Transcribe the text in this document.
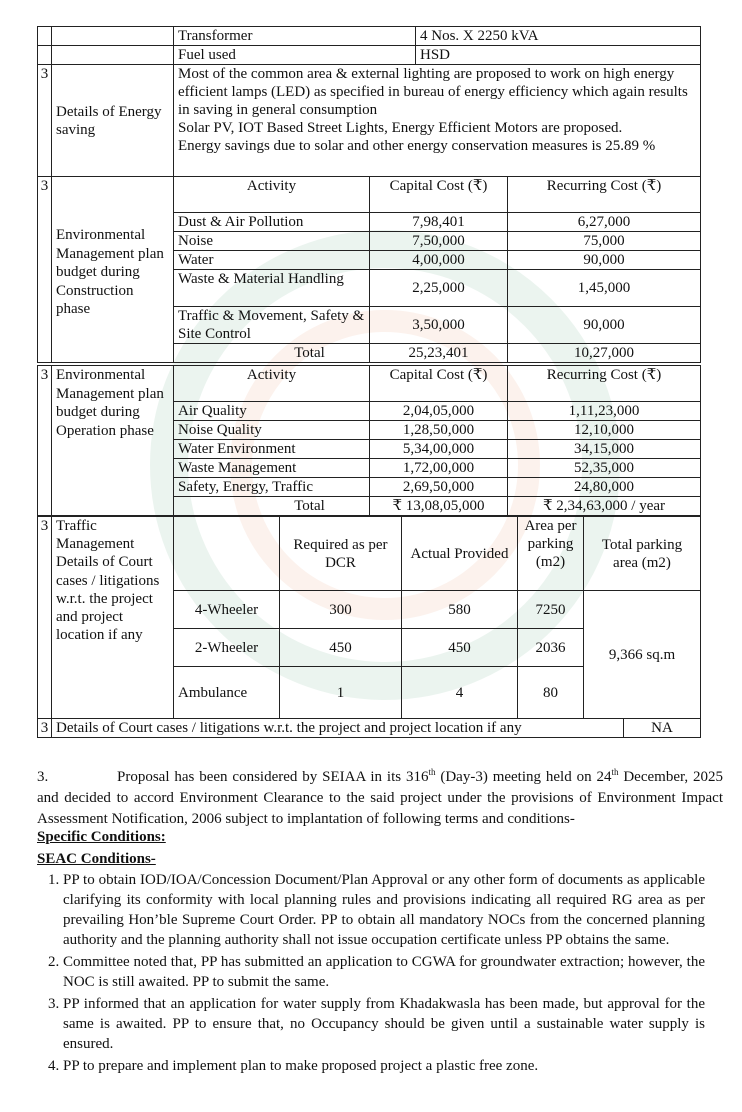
		Transformer	4 Nos. X 2250 kVA
		Fuel used	HSD
3	Details of Energy saving	
Most of the common area & external lighting are proposed to work on high energy efficient lamps (LED) as specified in bureau of energy efficiency which again results in saving in general consumption
Solar PV, IOT Based Street Lights, Energy Efficient Motors are proposed.
Energy savings due to solar and other energy conservation measures is 25.89 %
3	Environmental Management plan budget during Construction phase	Activity	Capital Cost (₹)	Recurring Cost (₹)
		Dust & Air Pollution	7,98,401	6,27,000
		Noise	7,50,000	75,000
		Water	4,00,000	90,000
		Waste & Material Handling	2,25,000	1,45,000
		Traffic & Movement, Safety & Site Control	3,50,000	90,000
		Total	25,23,401	10,27,000
3	Environmental Management plan budget during Operation phase	Activity	Capital Cost (₹)	Recurring Cost (₹)
		Air Quality	2,04,05,000	1,11,23,000
		Noise Quality	1,28,50,000	12,10,000
		Water Environment	5,34,00,000	34,15,000
		Waste Management	1,72,00,000	52,35,000
		Safety, Energy, Traffic	2,69,50,000	24,80,000
		Total	₹ 13,08,05,000	₹ 2,34,63,000 / year
3	Traffic Management Details of Court cases / litigations w.r.t. the project and project location if any		Required as per DCR	Actual Provided	Area per parking (m2)	Total parking area (m2)
		4-Wheeler	300	580	7250	9,366 sq.m
		2-Wheeler	450	450	2036	
		Ambulance	1	4	80	
3	Details of Court cases / litigations w.r.t. the project and project location if any	NA
3.	Proposal has been considered by SEIAA in its 316th (Day-3) meeting held on 24th December, 2025 and decided to accord Environment Clearance to the said project under the provisions of Environment Impact Assessment Notification, 2006 subject to implantation of following terms and conditions-
Specific Conditions:
SEAC Conditions-
1. PP to obtain IOD/IOA/Concession Document/Plan Approval or any other form of documents as applicable clarifying its conformity with local planning rules and provisions indicating all required RG area as per prevailing Hon’ble Supreme Court Order. PP to obtain all mandatory NOCs from the concerned planning authority and the planning authority shall not issue occupation certificate unless PP obtains the same.
2. Committee noted that, PP has submitted an application to CGWA for groundwater extraction; however, the NOC is still awaited. PP to submit the same.
3. PP informed that an application for water supply from Khadakwasla has been made, but approval for the same is awaited. PP to ensure that, no Occupancy should be given until a sustainable water supply is ensured.
4. PP to prepare and implement plan to make proposed project a plastic free zone.
